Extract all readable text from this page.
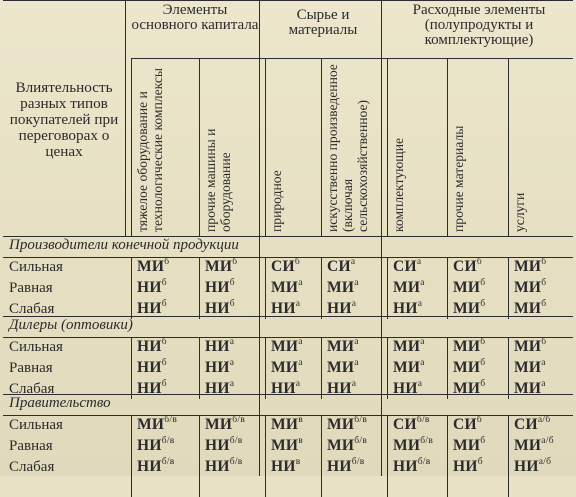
Влиятельность разных типов покупателей при переговорах о ценах
Элементы основного капитала
Сырье и материалы
Расходные элементы (полупродукты и комплектующие)
тяжелое оборудование и технологические комплексы	прочие машины и оборудование	природное	искусственно произведенное (включая сельскохозяйственное)	комплектующие	прочие материалы	услуги
Производители конечной продукции
Сильная	$МИ^б$ $МИ^б$ $СИ^б$ $СИ^а$ $СИ^а$ $СИ^б$ $МИ^б$
Равная	$НИ^б$ $НИ^б$ $МИ^а$ $МИ^а$ $МИ^а$ $МИ^б$ $МИ^б$
Слабая	$НИ^б$ $НИ^б$ $НИ^а$ $НИ^а$ $НИ^а$ $МИ^б$ $МИ^б$
Дилеры (оптовики)
Сильная	$НИ^б$ $НИ^а$ $МИ^а$ $МИ^а$ $МИ^а$ $МИ^б$ $МИ^б$
Равная	$НИ^б$ $НИ^а$ $МИ^а$ $МИ^а$ $МИ^а$ $МИ^б$ $МИ^а$
Слабая	$НИ^б$ $НИ^а$ $НИ^а$ $НИ^а$ $НИ^а$ $МИ^б$ $МИ^а$
Правительство
Сильная	$МИ^{б/в}$ $МИ^{б/в}$ $МИ^в$ $МИ^{б/в}$ $СИ^{б/в}$ $СИ^б$ $СИ^{а/б}$
Равная	$НИ^{б/в}$ $НИ^{б/в}$ $МИ^в$ $МИ^{б/в}$ $МИ^{б/в}$ $МИ^б$ $МИ^{а/б}$
Слабая	$НИ^{б/в}$ $НИ^{б/в}$ $НИ^в$ $НИ^{б/в}$ $НИ^{б/в}$ $НИ^б$ $НИ^{а/б}$
